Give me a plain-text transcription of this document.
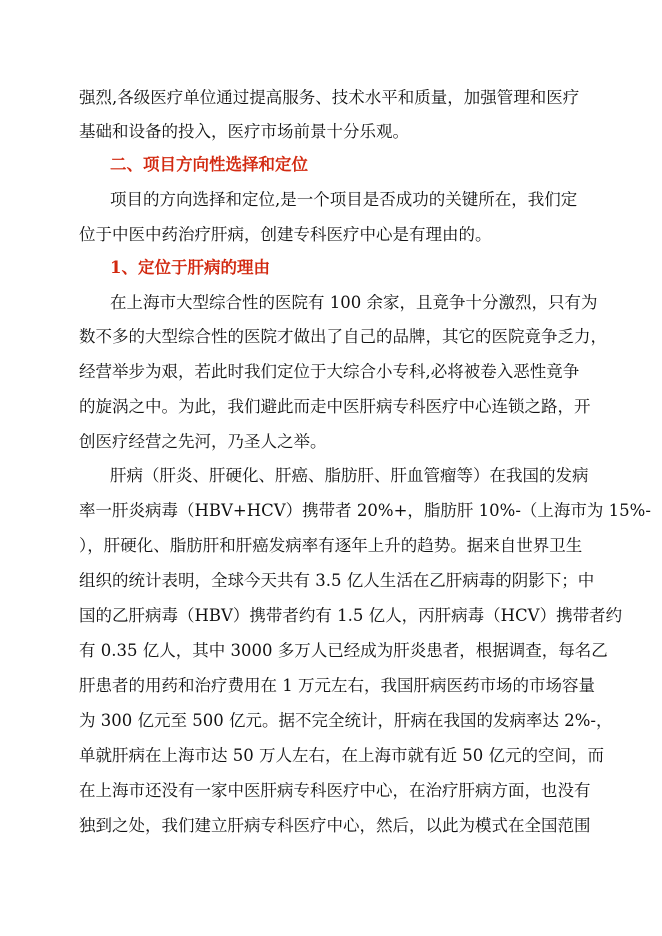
强烈,各级医疗单位通过提高服务、技术水平和质量，加强管理和医疗
基础和设备的投入，医疗市场前景十分乐观。
二、项目方向性选择和定位
项目的方向选择和定位,是一个项目是否成功的关键所在，我们定
位于中医中药治疗肝病，创建专科医疗中心是有理由的。
1、定位于肝病的理由
在上海市大型综合性的医院有 100 余家，且竟争十分激烈，只有为
数不多的大型综合性的医院才做出了自己的品牌，其它的医院竟争乏力，
经营举步为艰，若此时我们定位于大综合小专科,必将被卷入恶性竟争
的旋涡之中。为此，我们避此而走中医肝病专科医疗中心连锁之路，开
创医疗经营之先河，乃圣人之举。
肝病（肝炎、肝硬化、肝癌、脂肪肝、肝血管瘤等）在我国的发病
率一肝炎病毒（HBV+HCV）携带者 20%+，脂肪肝 10%-（上海市为 15%-
），肝硬化、脂肪肝和肝癌发病率有逐年上升的趋势。据来自世界卫生
组织的统计表明，全球今天共有 3.5 亿人生活在乙肝病毒的阴影下；中
国的乙肝病毒（HBV）携带者约有 1.5 亿人，丙肝病毒（HCV）携带者约
有 0.35 亿人，其中 3000 多万人已经成为肝炎患者，根据调查，每名乙
肝患者的用药和治疗费用在 1 万元左右，我国肝病医药市场的市场容量
为 300 亿元至 500 亿元。据不完全统计，肝病在我国的发病率达 2%-，
单就肝病在上海市达 50 万人左右，在上海市就有近 50 亿元的空间，而
在上海市还没有一家中医肝病专科医疗中心，在治疗肝病方面，也没有
独到之处，我们建立肝病专科医疗中心，然后，以此为模式在全国范围
